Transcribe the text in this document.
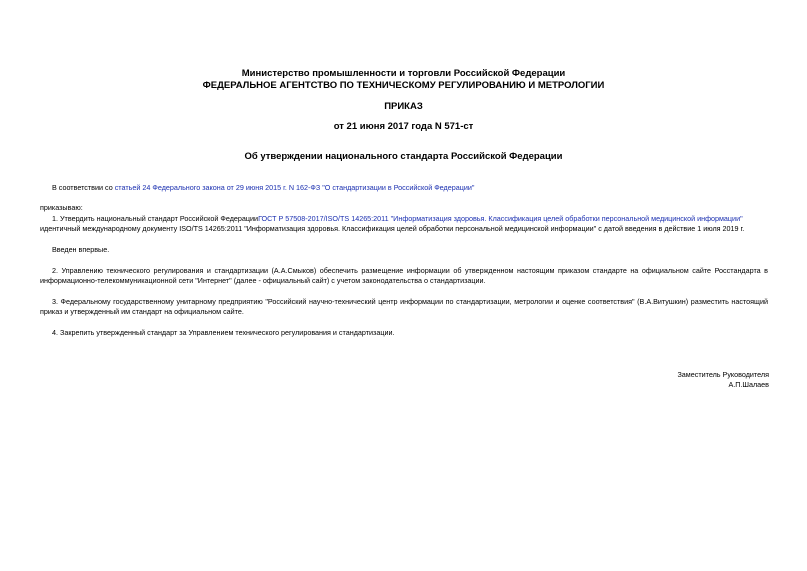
Министерство промышленности и торговли Российской Федерации
ФЕДЕРАЛЬНОЕ АГЕНТСТВО ПО ТЕХНИЧЕСКОМУ РЕГУЛИРОВАНИЮ И МЕТРОЛОГИИ
ПРИКАЗ
от 21 июня 2017 года N 571-ст
Об утверждении национального стандарта Российской Федерации
В соответствии со статьей 24 Федерального закона от 29 июня 2015 г. N 162-ФЗ "О стандартизации в Российской Федерации"
приказываю:
1. Утвердить национальный стандарт Российской ФедерацииГОСТ Р 57508-2017/ISO/TS 14265:2011 "Информатизация здоровья. Классификация целей обработки персональной медицинской информации"
идентичный международному документу ISO/TS 14265:2011 "Информатизация здоровья. Классификация целей обработки персональной медицинской информации" с датой введения в действие 1 июля 2019 г.
Введен впервые.
2. Управлению технического регулирования и стандартизации (А.А.Смыков) обеспечить размещение информации об утвержденном настоящим приказом стандарте на официальном сайте Росстандарта в информационно-телекоммуникационной сети "Интернет" (далее - официальный сайт) с учетом законодательства о стандартизации.
3. Федеральному государственному унитарному предприятию "Российский научно-технический центр информации по стандартизации, метрологии и оценке соответствия" (В.А.Витушкин) разместить настоящий приказ и утвержденный им стандарт на официальном сайте.
4. Закрепить утвержденный стандарт за Управлением технического регулирования и стандартизации.
Заместитель Руководителя
А.П.Шалаев
